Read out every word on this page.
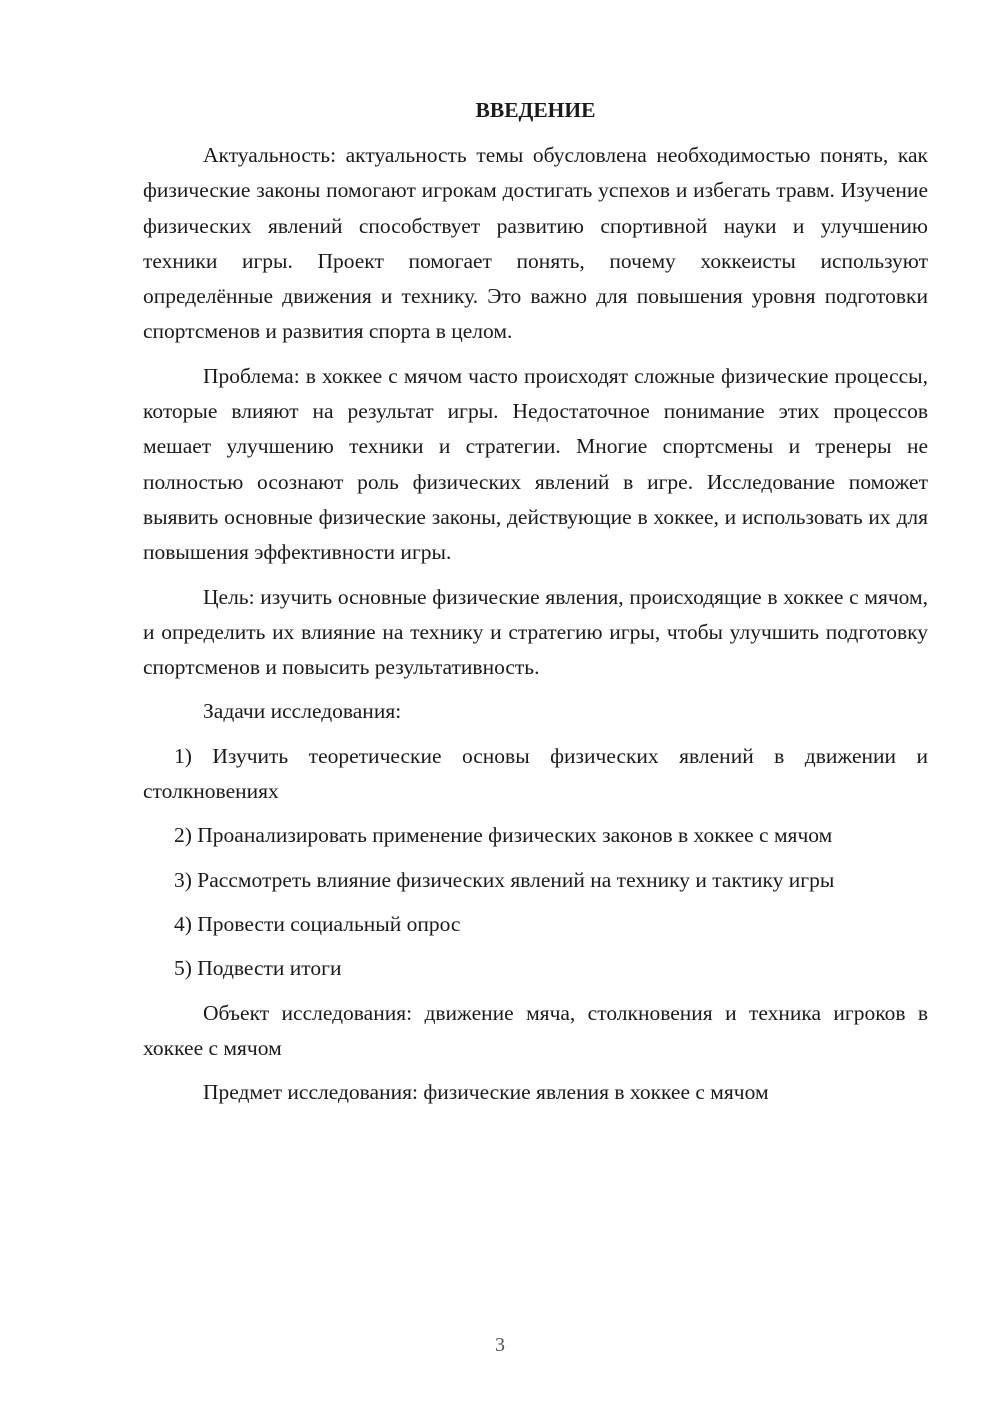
ВВЕДЕНИЕ

Актуальность: актуальность темы обусловлена необходимостью понять, как физические законы помогают игрокам достигать успехов и избегать травм. Изучение физических явлений способствует развитию спортивной науки и улучшению техники игры. Проект помогает понять, почему хоккеисты используют определённые движения и технику. Это важно для повышения уровня подготовки спортсменов и развития спорта в целом.

Проблема: в хоккее с мячом часто происходят сложные физические процессы, которые влияют на результат игры. Недостаточное понимание этих процессов мешает улучшению техники и стратегии. Многие спортсмены и тренеры не полностью осознают роль физических явлений в игре. Исследование поможет выявить основные физические законы, действующие в хоккее, и использовать их для повышения эффективности игры.

Цель: изучить основные физические явления, происходящие в хоккее с мячом, и определить их влияние на технику и стратегию игры, чтобы улучшить подготовку спортсменов и повысить результативность.

Задачи исследования:

1) Изучить теоретические основы физических явлений в движении и столкновениях

2) Проанализировать применение физических законов в хоккее с мячом

3) Рассмотреть влияние физических явлений на технику и тактику игры

4) Провести социальный опрос

5) Подвести итоги

Объект исследования: движение мяча, столкновения и техника игроков в хоккее с мячом

Предмет исследования: физические явления в хоккее с мячом

3
